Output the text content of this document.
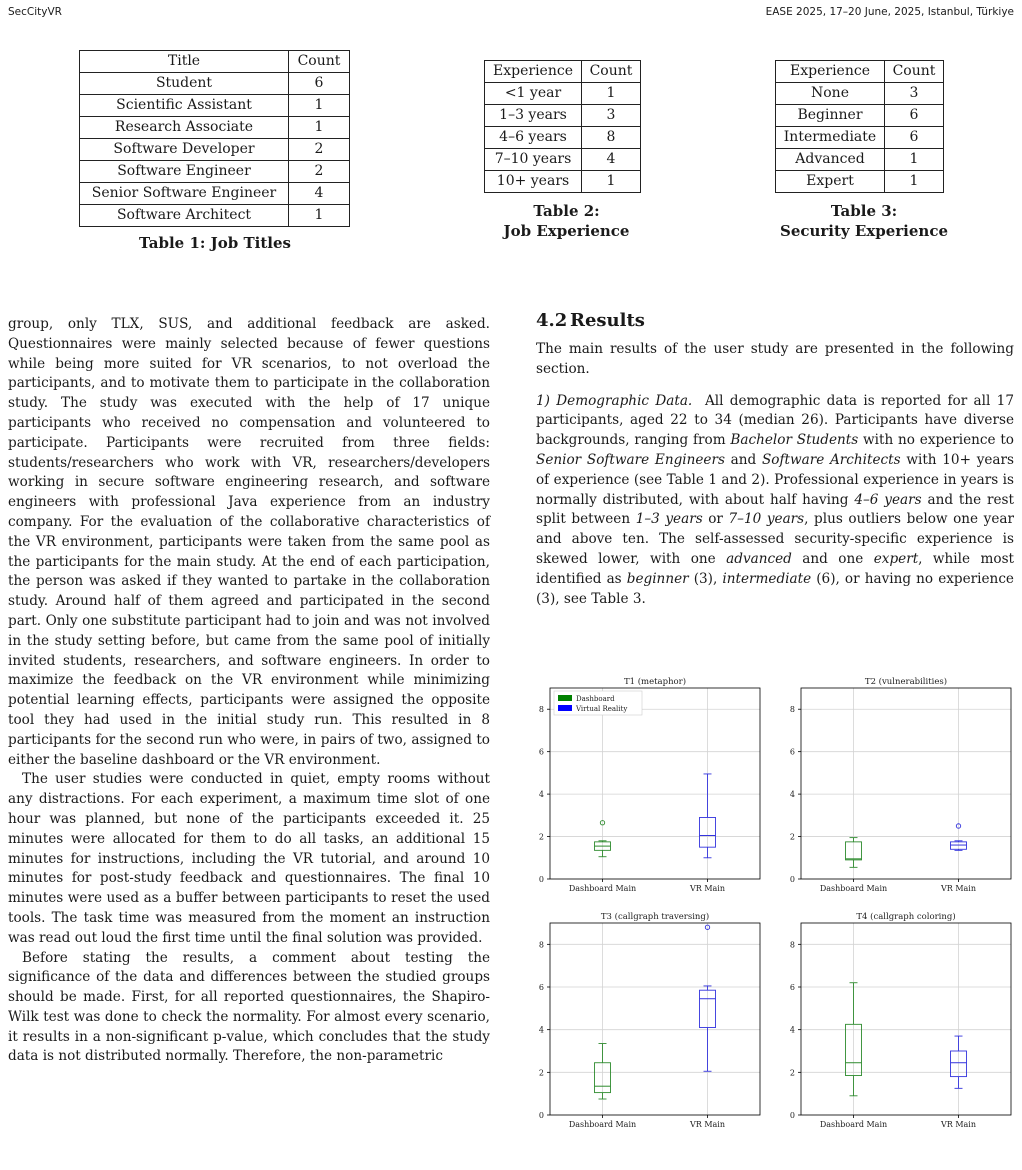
SecCityVR	EASE 2025, 17–20 June, 2025, Istanbul, Türkiye
Title	Count
Student	6
Scientific Assistant	1
Research Associate	1
Software Developer	2
Software Engineer	2
Senior Software Engineer	4
Software Architect	1
Table 1: Job Titles
Experience	Count
<1 year	1
1–3 years	3
4–6 years	8
7–10 years	4
10+ years	1
Table 2:
Job Experience
Experience	Count
None	3
Beginner	6
Intermediate	6
Advanced	1
Expert	1
Table 3:
Security Experience

group, only TLX, SUS, and additional feedback are asked. Questionnaires were mainly selected because of fewer questions while being more suited for VR scenarios, to not overload the participants, and to motivate them to participate in the collaboration study. The study was executed with the help of 17 unique participants who received no compensation and volunteered to participate. Participants were recruited from three fields: students/researchers who work with VR, researchers/developers working in secure software engineering research, and software engineers with professional Java experience from an industry company. For the evaluation of the collaborative characteristics of the VR environment, participants were taken from the same pool as the participants for the main study. At the end of each participation, the person was asked if they wanted to partake in the collaboration study. Around half of them agreed and participated in the second part. Only one substitute participant had to join and was not involved in the study setting before, but came from the same pool of initially invited students, researchers, and software engineers. In order to maximize the feedback on the VR environment while minimizing potential learning effects, participants were assigned the opposite tool they had used in the initial study run. This resulted in 8 participants for the second run who were, in pairs of two, assigned to either the baseline dashboard or the VR environment.

The user studies were conducted in quiet, empty rooms without any distractions. For each experiment, a maximum time slot of one hour was planned, but none of the participants exceeded it. 25 minutes were allocated for them to do all tasks, an additional 15 minutes for instructions, including the VR tutorial, and around 10 minutes for post-study feedback and questionnaires. The final 10 minutes were used as a buffer between participants to reset the used tools. The task time was measured from the moment an instruction was read out loud the first time until the final solution was provided.

Before stating the results, a comment about testing the significance of the data and differences between the studied groups should be made. First, for all reported questionnaires, the Shapiro-Wilk test was done to check the normality. For almost every scenario, it results in a non-significant p-value, which concludes that the study data is not distributed normally. Therefore, the non-parametric

4.2 Results

The main results of the user study are presented in the following section.

1) Demographic Data. All demographic data is reported for all 17 participants, aged 22 to 34 (median 26). Participants have diverse backgrounds, ranging from Bachelor Students with no experience to Senior Software Engineers and Software Architects with 10+ years of experience (see Table 1 and 2). Professional experience in years is normally distributed, with about half having 4–6 years and the rest split between 1–3 years or 7–10 years, plus outliers below one year and above ten. The self-assessed security-specific experience is skewed lower, with one advanced and one expert, while most identified as beginner (3), intermediate (6), or having no experience (3), see Table 3.

0
2
4
6
8
Dashboard Main	VR Main
T1 (metaphor)
Dashboard
Virtual Reality
0
2
4
6
8
Dashboard Main	VR Main
T2 (vulnerabilities)
0
2
4
6
8
Dashboard Main	VR Main
T3 (callgraph traversing)
0
2
4
6
8
Dashboard Main	VR Main
T4 (callgraph coloring)
